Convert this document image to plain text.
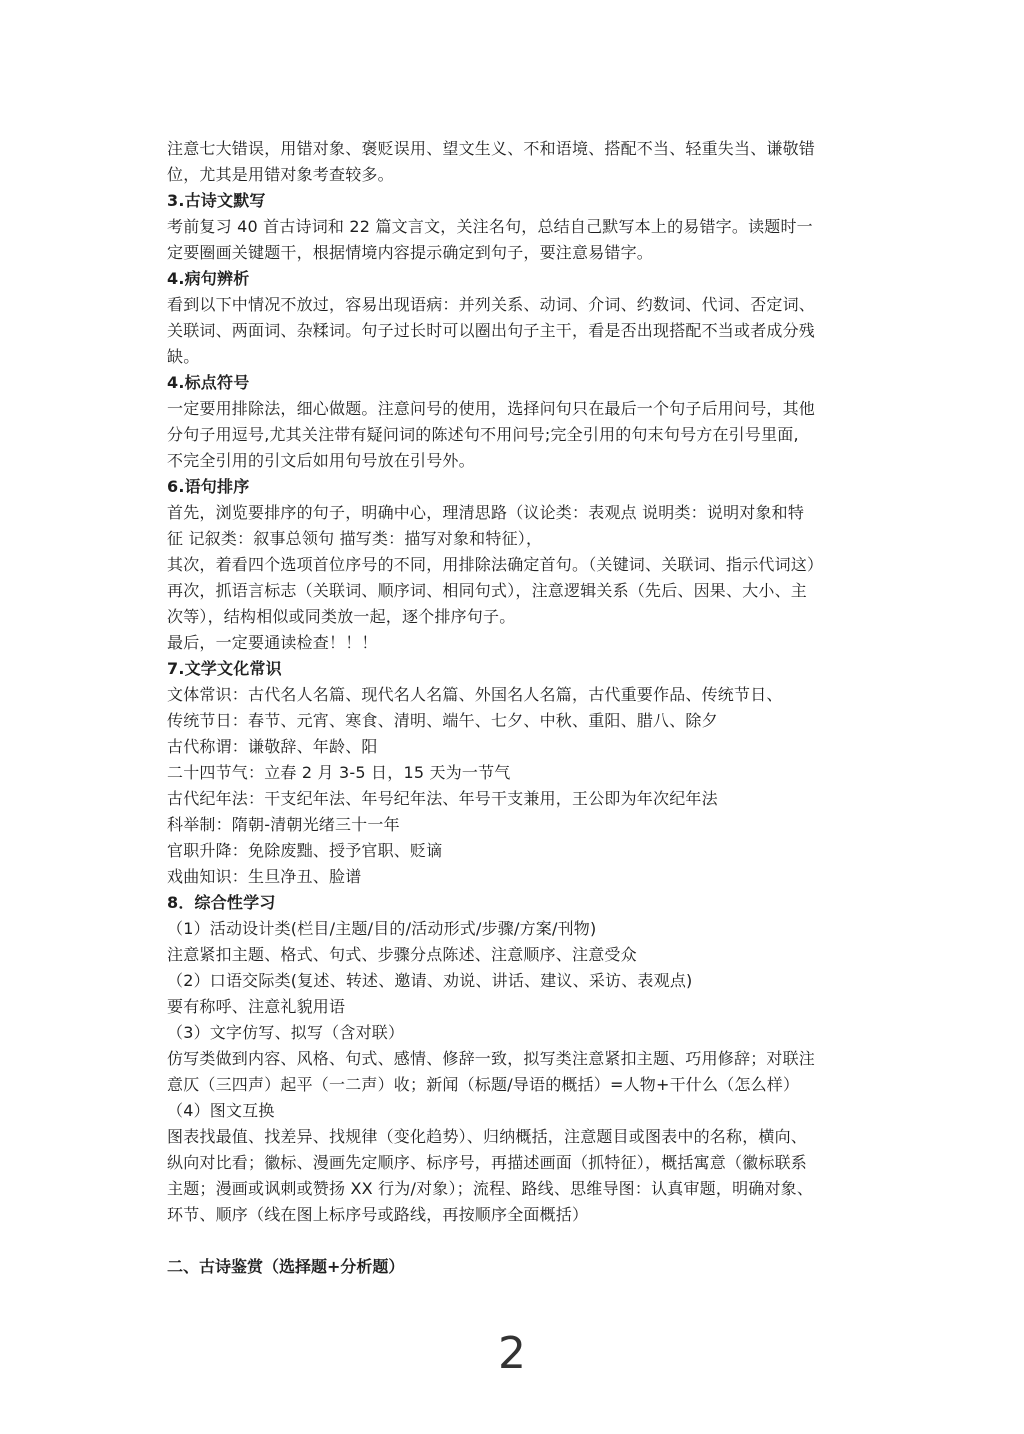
注意七大错误，用错对象、褒贬误用、望文生义、不和语境、搭配不当、轻重失当、谦敬错
位，尤其是用错对象考查较多。
3.古诗文默写
考前复习 40 首古诗词和 22 篇文言文，关注名句，总结自己默写本上的易错字。读题时一
定要圈画关键题干，根据情境内容提示确定到句子，要注意易错字。
4.病句辨析
看到以下中情况不放过，容易出现语病：并列关系、动词、介词、约数词、代词、否定词、
关联词、两面词、杂糅词。句子过长时可以圈出句子主干，看是否出现搭配不当或者成分残
缺。
4.标点符号
一定要用排除法，细心做题。注意问号的使用，选择问句只在最后一个句子后用问号，其他
分句子用逗号,尤其关注带有疑问词的陈述句不用问号;完全引用的句末句号方在引号里面,
不完全引用的引文后如用句号放在引号外。
6.语句排序
首先，浏览要排序的句子，明确中心，理清思路（议论类：表观点 说明类：说明对象和特
征 记叙类：叙事总领句 描写类：描写对象和特征），
其次，着看四个选项首位序号的不同，用排除法确定首句。（关键词、关联词、指示代词这）
再次，抓语言标志（关联词、顺序词、相同句式），注意逻辑关系（先后、因果、大小、主
次等），结构相似或同类放一起，逐个排序句子。
最后，一定要通读检查！！！
7.文学文化常识
文体常识：古代名人名篇、现代名人名篇、外国名人名篇，古代重要作品、传统节日、
传统节日：春节、元宵、寒食、清明、端午、七夕、中秋、重阳、腊八、除夕
古代称谓：谦敬辞、年龄、阳
二十四节气：立春 2 月 3-5 日，15 天为一节气
古代纪年法：干支纪年法、年号纪年法、年号干支兼用，王公即为年次纪年法
科举制：隋朝-清朝光绪三十一年
官职升降：免除废黜、授予官职、贬谪
戏曲知识：生旦净丑、脸谱
8．综合性学习
（1）活动设计类(栏目/主题/目的/活动形式/步骤/方案/刊物)
注意紧扣主题、格式、句式、步骤分点陈述、注意顺序、注意受众
（2）口语交际类(复述、转述、邀请、劝说、讲话、建议、采访、表观点)
要有称呼、注意礼貌用语
（3）文字仿写、拟写（含对联）
仿写类做到内容、风格、句式、感情、修辞一致，拟写类注意紧扣主题、巧用修辞；对联注
意仄（三四声）起平（一二声）收；新闻（标题/导语的概括）=人物+干什么（怎么样）
（4）图文互换
图表找最值、找差异、找规律（变化趋势）、归纳概括，注意题目或图表中的名称，横向、
纵向对比看；徽标、漫画先定顺序、标序号，再描述画面（抓特征），概括寓意（徽标联系
主题；漫画或讽刺或赞扬 XX 行为/对象）；流程、路线、思维导图：认真审题，明确对象、
环节、顺序（线在图上标序号或路线，再按顺序全面概括）
二、古诗鉴赏（选择题+分析题）
2
